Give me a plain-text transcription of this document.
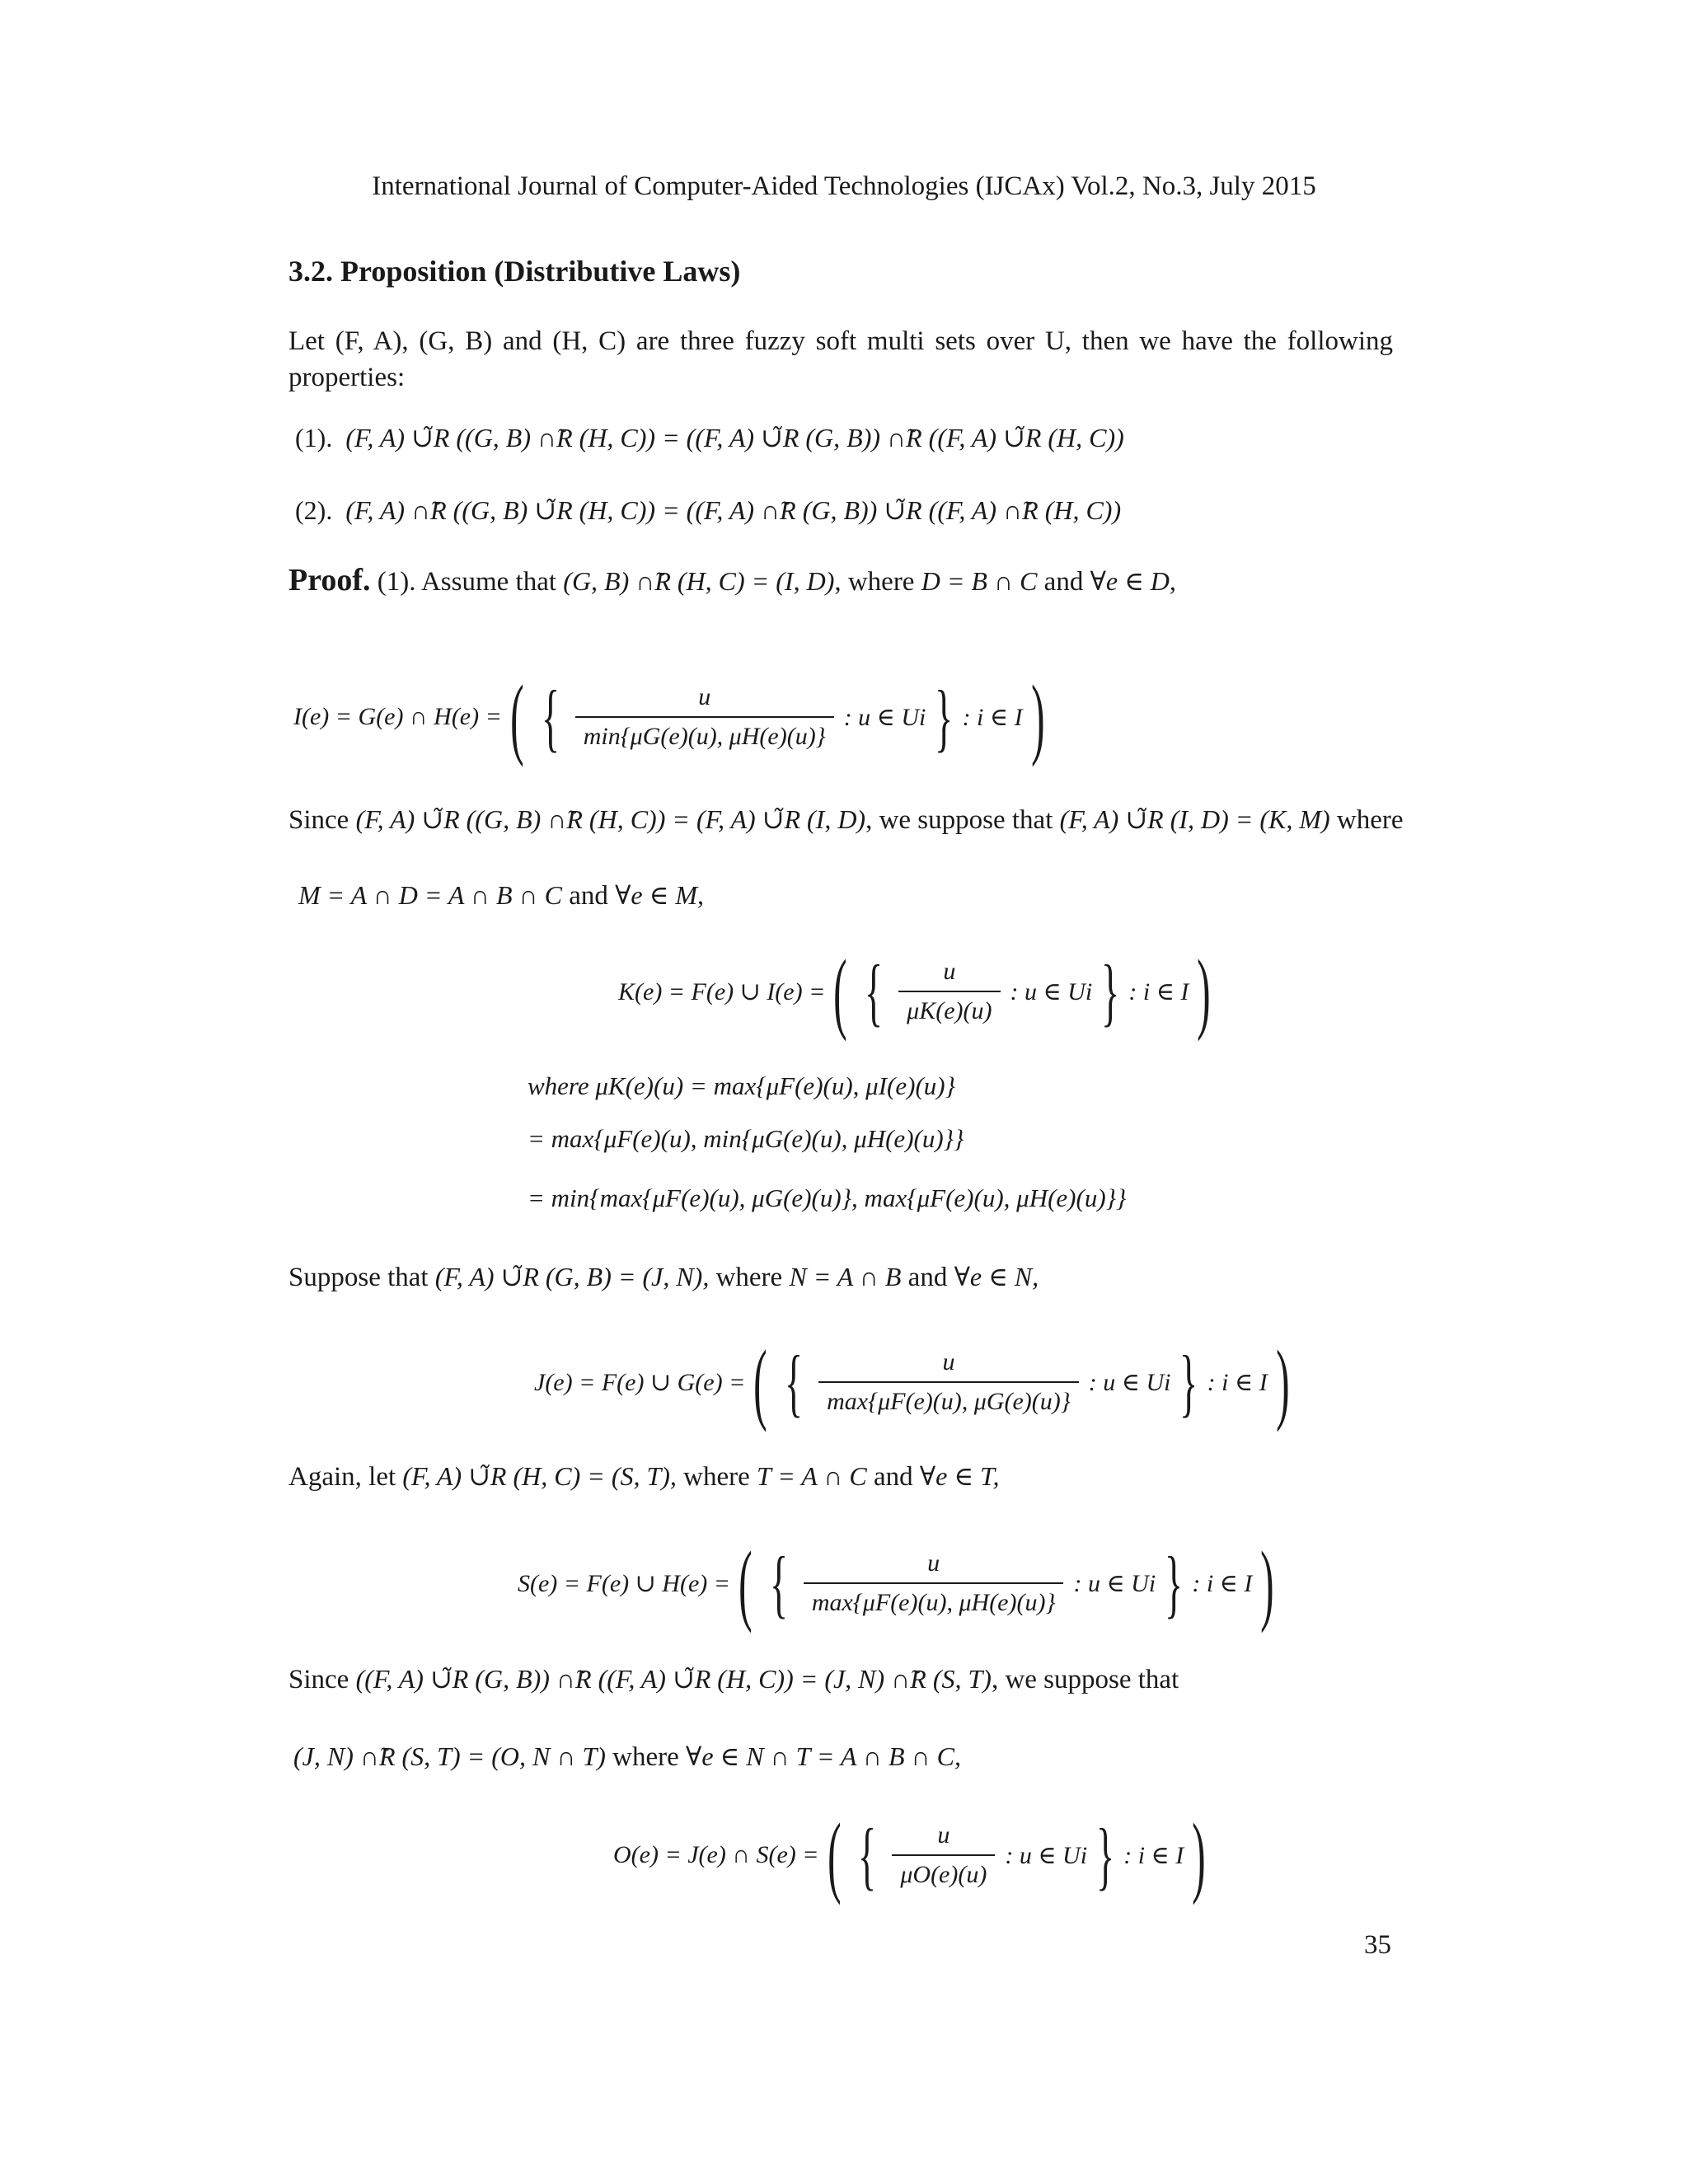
International Journal of Computer-Aided Technologies (IJCAx) Vol.2, No.3, July 2015
3.2. Proposition (Distributive Laws)
Let (F, A), (G, B) and (H, C) are three fuzzy soft multi sets over U, then we have the following properties:
(1). (F, A) ∪̃R ((G, B) ∩̃R (H, C)) = ((F, A) ∪̃R (G, B)) ∩̃R ((F, A) ∪̃R (H, C))
(2). (F, A) ∩̃R ((G, B) ∪̃R (H, C)) = ((F, A) ∩̃R (G, B)) ∪̃R ((F, A) ∩̃R (H, C))
Proof. (1). Assume that (G, B) ∩̃R (H, C) = (I, D), where D = B ∩ C and ∀e ∈ D,
I(e) = G(e) ∩ H(e) = ( { $\frac{u}{\min\{\mu G(e)(u), \mu H(e)(u)\}}$ : u ∈ Ui } : i ∈ I )
Since (F, A) ∪̃R ((G, B) ∩̃R (H, C)) = (F, A) ∪̃R (I, D), we suppose that (F, A) ∪̃R (I, D) = (K, M) where
M = A ∩ D = A ∩ B ∩ C and ∀e ∈ M,
K(e) = F(e) ∪ I(e) = ( { $\frac{u}{\mu K(e)(u)}$ : u ∈ Ui } : i ∈ I )
where μK(e)(u) = max{μF(e)(u), μI(e)(u)}
= max{μF(e)(u), min{μG(e)(u), μH(e)(u)}}
= min{max{μF(e)(u), μG(e)(u)}, max{μF(e)(u), μH(e)(u)}}
Suppose that (F, A) ∪̃R (G, B) = (J, N), where N = A ∩ B and ∀e ∈ N,
J(e) = F(e) ∪ G(e) = ( { $\frac{u}{\max\{\mu F(e)(u), \mu G(e)(u)\}}$ : u ∈ Ui } : i ∈ I )
Again, let (F, A) ∪̃R (H, C) = (S, T), where T = A ∩ C and ∀e ∈ T,
S(e) = F(e) ∪ H(e) = ( { $\frac{u}{\max\{\mu F(e)(u), \mu H(e)(u)\}}$ : u ∈ Ui } : i ∈ I )
Since ((F, A) ∪̃R (G, B)) ∩̃R ((F, A) ∪̃R (H, C)) = (J, N) ∩̃R (S, T), we suppose that
(J, N) ∩̃R (S, T) = (O, N ∩ T) where ∀e ∈ N ∩ T = A ∩ B ∩ C,
O(e) = J(e) ∩ S(e) = ( { $\frac{u}{\mu O(e)(u)}$ : u ∈ Ui } : i ∈ I )
35
